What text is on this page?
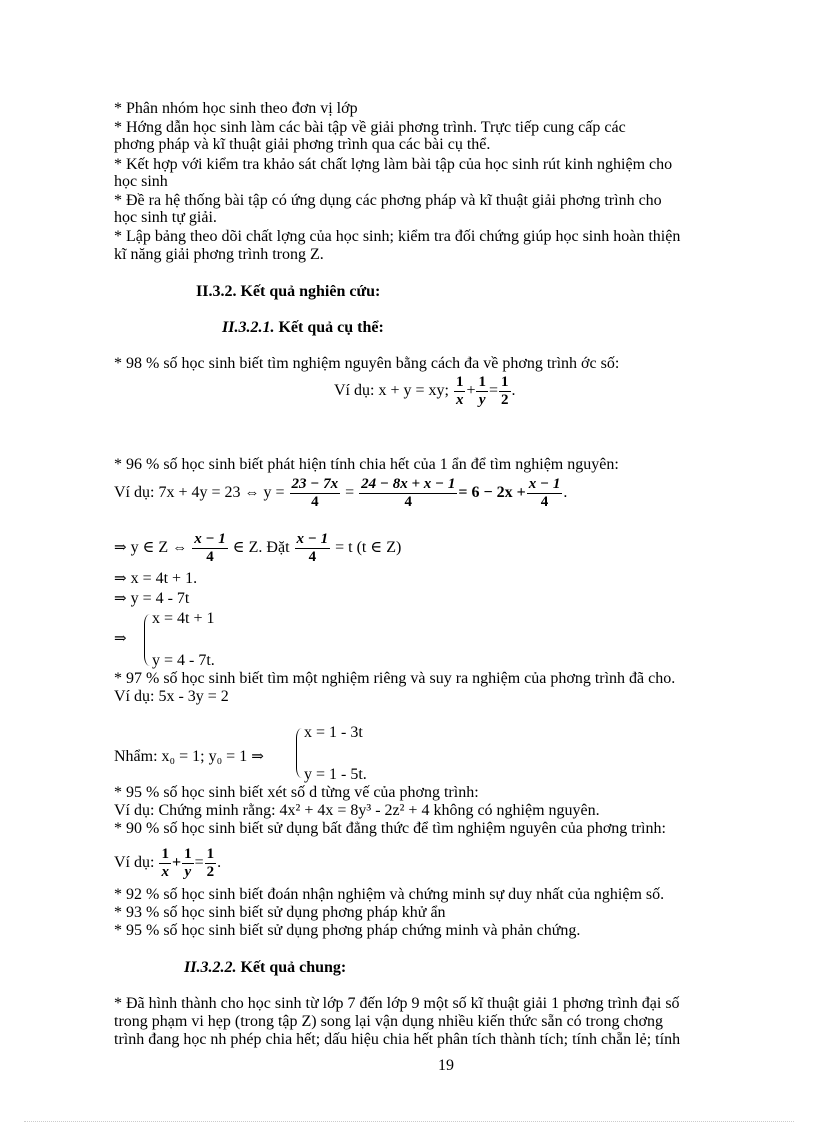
* Phân nhóm học sinh theo đơn vị lớp
* Hớng dẫn học sinh làm các bài tập về giải phơng trình. Trực tiếp cung cấp các
phơng pháp và kĩ thuật giải phơng trình qua các bài cụ thể.
* Kết hợp với kiểm tra khảo sát chất lợng làm bài tập của học sinh rút kinh nghiệm cho
học sinh
* Đề ra hệ thống bài tập có ứng dụng các phơng pháp và kĩ thuật giải phơng trình cho
học sinh tự giải.
* Lập bảng theo dõi chất lợng của học sinh; kiểm tra đối chứng giúp học sinh hoàn thiện
kĩ năng giải phơng trình trong Z.
II.3.2. Kết quả nghiên cứu:
II.3.2.1. Kết quả cụ thể:
* 98 % số học sinh biết tìm nghiệm nguyên bằng cách đa về phơng trình ớc số:
Ví dụ: x + y = xy; $\frac{1}{x} + \frac{1}{y} = \frac{1}{2}$ .
* 96 % số học sinh biết phát hiện tính chia hết của 1 ẩn để tìm nghiệm nguyên:
Ví dụ: 7x + 4y = 23 ⇔ $y = \frac{23 - 7x}{4} = \frac{24 - 8x + x - 1}{4} = 6 - 2x + \frac{x - 1}{4}$ .
⇒ y ∈ Z ⇔ $\frac{x - 1}{4}$ ∈ Z. Đặt $\frac{x - 1}{4} = t$ (t ∈ Z)
⇒ x = 4t + 1.
⇒ y = 4 - 7t
⇒
x = 4t + 1
y = 4 - 7t.
* 97 % số học sinh biết tìm một nghiệm riêng và suy ra nghiệm của phơng trình đã cho.
Ví dụ: 5x - 3y = 2
x = 1 - 3t
Nhẩm: x₀ = 1; y₀ = 1 ⇒
y = 1 - 5t.
* 95 % số học sinh biết xét số d từng vế của phơng trình:
Ví dụ: Chứng minh rằng: 4x² + 4x = 8y³ - 2z² + 4 không có nghiệm nguyên.
* 90 % số học sinh biết sử dụng bất đẳng thức để tìm nghiệm nguyên của phơng trình:
Ví dụ: $\frac{1}{x} + \frac{1}{y} = \frac{1}{2}$ .
* 92 % số học sinh biết đoán nhận nghiệm và chứng minh sự duy nhất của nghiệm số.
* 93 % số học sinh biết sử dụng phơng pháp khử ẩn
* 95 % số học sinh biết sử dụng phơng pháp chứng minh và phản chứng.
II.3.2.2. Kết quả chung:
* Đã hình thành cho học sinh từ lớp 7 đến lớp 9 một số kĩ thuật giải 1 phơng trình đại số
trong phạm vi hẹp (trong tập Z) song lại vận dụng nhiều kiến thức sẵn có trong chơng
trình đang học nh phép chia hết; dấu hiệu chia hết phân tích thành tích; tính chẵn lẻ; tính
19
